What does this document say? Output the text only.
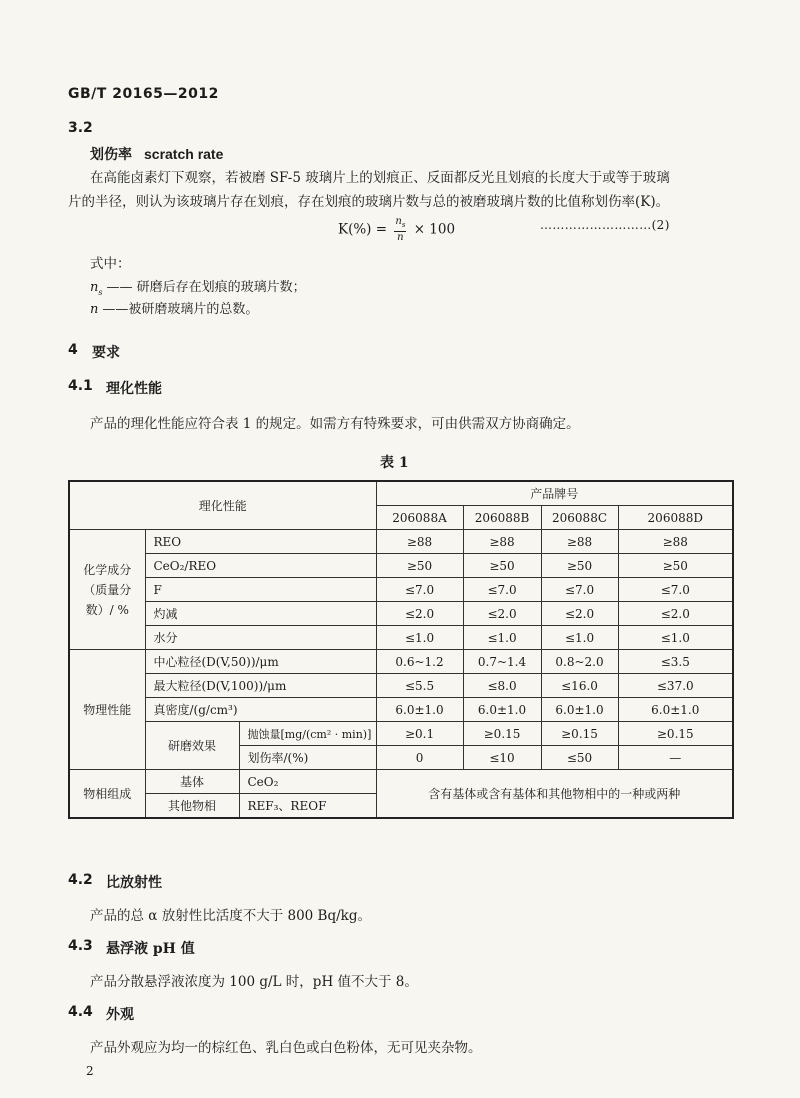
GB/T 20165—2012
3.2
划伤率 scratch rate
在高能卤素灯下观察，若被磨 SF-5 玻璃片上的划痕正、反面都反光且划痕的长度大于或等于玻璃
片的半径，则认为该玻璃片存在划痕，存在划痕的玻璃片数与总的被磨玻璃片数的比值称划伤率(K)。
$K(\%) = \frac{n_s}{n} \times 100$	………………………(2)
式中：
$n_s$ —— 研磨后存在划痕的玻璃片数；
n ——被研磨玻璃片的总数。
4 要求
4.1 理化性能
产品的理化性能应符合表 1 的规定。如需方有特殊要求，可由供需双方协商确定。
表 1
理化性能			产品牌号			
			206088A	206088B	206088C	206088D
化学成分（质量分数）/ %	REO		≥88	≥88	≥88	≥88
	CeO₂/REO		≥50	≥50	≥50	≥50
	F		≤7.0	≤7.0	≤7.0	≤7.0
	灼减		≤2.0	≤2.0	≤2.0	≤2.0
	水分		≤1.0	≤1.0	≤1.0	≤1.0
物理性能	中心粒径(D(V,50))/μm		0.6~1.2	0.7~1.4	0.8~2.0	≤3.5
	最大粒径(D(V,100))/μm		≤5.5	≤8.0	≤16.0	≤37.0
	真密度/(g/cm³)		6.0±1.0	6.0±1.0	6.0±1.0	6.0±1.0
	研磨效果	抛蚀量[mg/(cm² · min)]	≥0.1	≥0.15	≥0.15	≥0.15
		划伤率/(%)	0	≤10	≤50	—
物相组成	基体	CeO₂	含有基体或含有基体和其他物相中的一种或两种			
	其他物相	REF₃、REOF				
4.2 比放射性
产品的总 α 放射性比活度不大于 800 Bq/kg。
4.3 悬浮液 pH 值
产品分散悬浮液浓度为 100 g/L 时，pH 值不大于 8。
4.4 外观
产品外观应为均一的棕红色、乳白色或白色粉体，无可见夹杂物。
2
